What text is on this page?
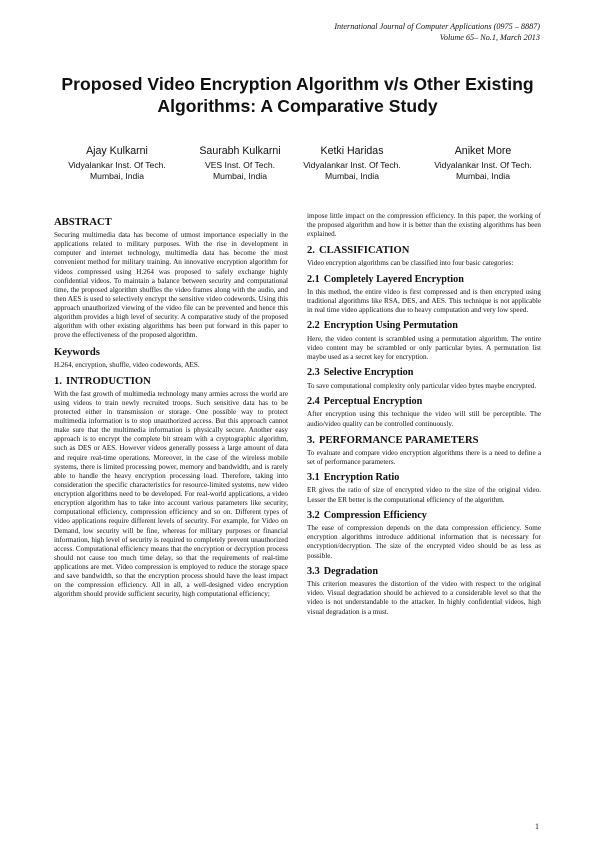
International Journal of Computer Applications (0975 – 8887)
Volume 65– No.1, March 2013
Proposed Video Encryption Algorithm v/s Other Existing
Algorithms: A Comparative Study
Ajay Kulkarni
Vidyalankar Inst. Of Tech.
Mumbai, India
Saurabh Kulkarni
VES Inst. Of Tech.
Mumbai, India
Ketki Haridas
Vidyalankar Inst. Of Tech.
Mumbai, India
Aniket More
Vidyalankar Inst. Of Tech.
Mumbai, India
ABSTRACT

Securing multimedia data has become of utmost importance especially in the applications related to military purposes. With the rise in development in computer and internet technology, multimedia data has become the most convenient method for military training. An innovative encryption algorithm for videos compressed using H.264 was proposed to safely exchange highly confidential videos. To maintain a balance between security and computational time, the proposed algorithm shuffles the video frames along with the audio, and then AES is used to selectively encrypt the sensitive video codewords. Using this approach unauthorized viewing of the video file can be prevented and hence this algorithm provides a high level of security. A comparative study of the proposed algorithm with other existing algorithms has been put forward in this paper to prove the effectiveness of the proposed algorithm.

Keywords

H.264, encryption, shuffle, video codewords, AES.

1. INTRODUCTION

With the fast growth of multimedia technology many armies across the world are using videos to train newly recruited troops. Such sensitive data has to be protected either in transmission or storage. One possible way to protect multimedia information is to stop unauthorized access. But this approach cannot make sure that the multimedia information is physically secure. Another easy approach is to encrypt the complete bit stream with a cryptographic algorithm, such as DES or AES. However videos generally possess a large amount of data and require real-time operations. Moreover, in the case of the wireless mobile systems, there is limited processing power, memory and bandwidth, and is rarely able to handle the heavy encryption processing load. Therefore, taking into consideration the specific characteristics for resource-limited systems, new video encryption algorithms need to be developed. For real-world applications, a video encryption algorithm has to take into account various parameters like security, computational efficiency, compression efficiency and so on. Different types of video applications require different levels of security. For example, for Video on Demand, low security will be fine, whereas for military purposes or financial information, high level of security is required to completely prevent unauthorized access. Computational efficiency means that the encryption or decryption process should not cause too much time delay, so that the requirements of real-time applications are met. Video compression is employed to reduce the storage space and save bandwidth, so that the encryption process should have the least impact on the compression efficiency. All in all, a well-designed video encryption algorithm should provide sufficient security, high computational efficiency;

impose little impact on the compression efficiency. In this paper, the working of the proposed algorithm and how it is better than the existing algorithms has been explained.

2. CLASSIFICATION

Video encryption algorithms can be classified into four basic categories:

2.1 Completely Layered Encryption

In this method, the entire video is first compressed and is then encrypted using traditional algorithms like RSA, DES, and AES. This technique is not applicable in real time video applications due to heavy computation and very low speed.

2.2 Encryption Using Permutation

Here, the video content is scrambled using a permutation algorithm. The entire video content may be scrambled or only particular bytes. A permutation list maybe used as a secret key for encryption.

2.3 Selective Encryption

To save computational complexity only particular video bytes maybe encrypted.

2.4 Perceptual Encryption

After encryption using this technique the video will still be perceptible. The audio/video quality can be controlled continuously.

3. PERFORMANCE PARAMETERS

To evaluate and compare video encryption algorithms there is a need to define a set of performance parameters.

3.1 Encryption Ratio

ER gives the ratio of size of encrypted video to the size of the original video. Lesser the ER better is the computational efficiency of the algorithm.

3.2 Compression Efficiency

The ease of compression depends on the data compression efficiency. Some encryption algorithms introduce additional information that is necessary for encryption/decryption. The size of the encrypted video should be as less as possible.

3.3 Degradation

This criterion measures the distortion of the video with respect to the original video. Visual degradation should be achieved to a considerable level so that the video is not understandable to the attacker. In highly confidential videos, high visual degradation is a must.

1
